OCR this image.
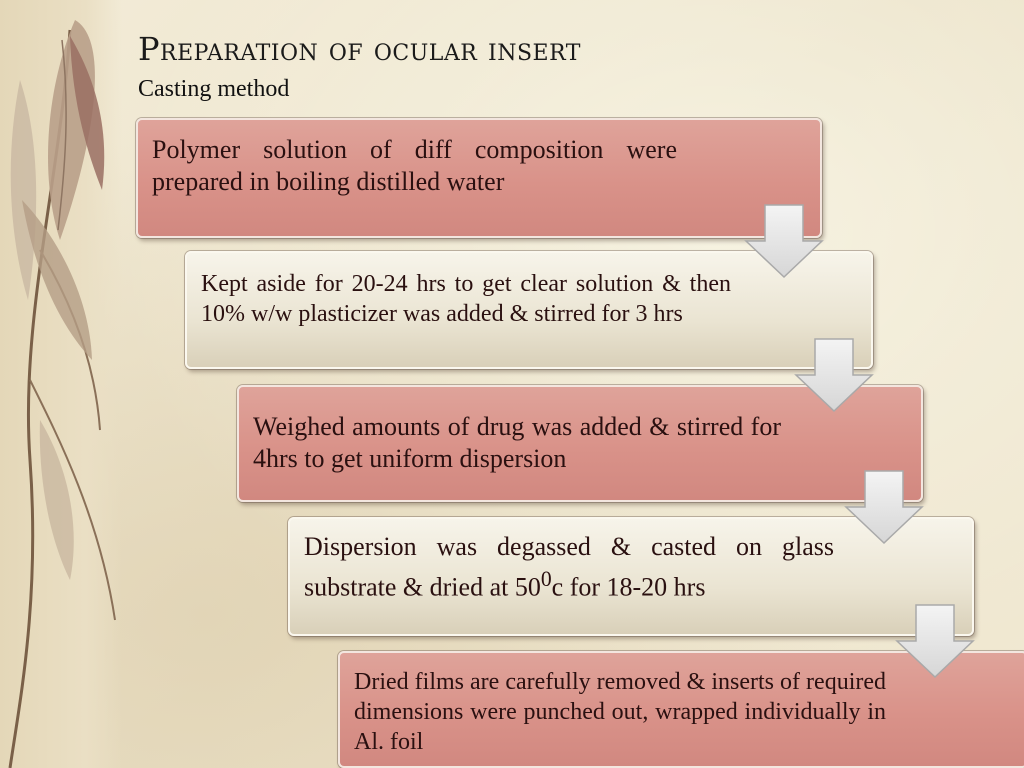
Preparation of ocular insert

Casting method

Polymer solution of diff composition were prepared in boiling distilled water

Kept aside for 20-24 hrs to get clear solution & then 10% w/w plasticizer was added & stirred for 3 hrs

Weighed amounts of drug was added & stirred for 4hrs to get uniform dispersion

Dispersion was degassed & casted on glass substrate & dried at $50^0c$ for 18-20 hrs

Dried films are carefully removed & inserts of required dimensions were punched out, wrapped individually in Al. foil
